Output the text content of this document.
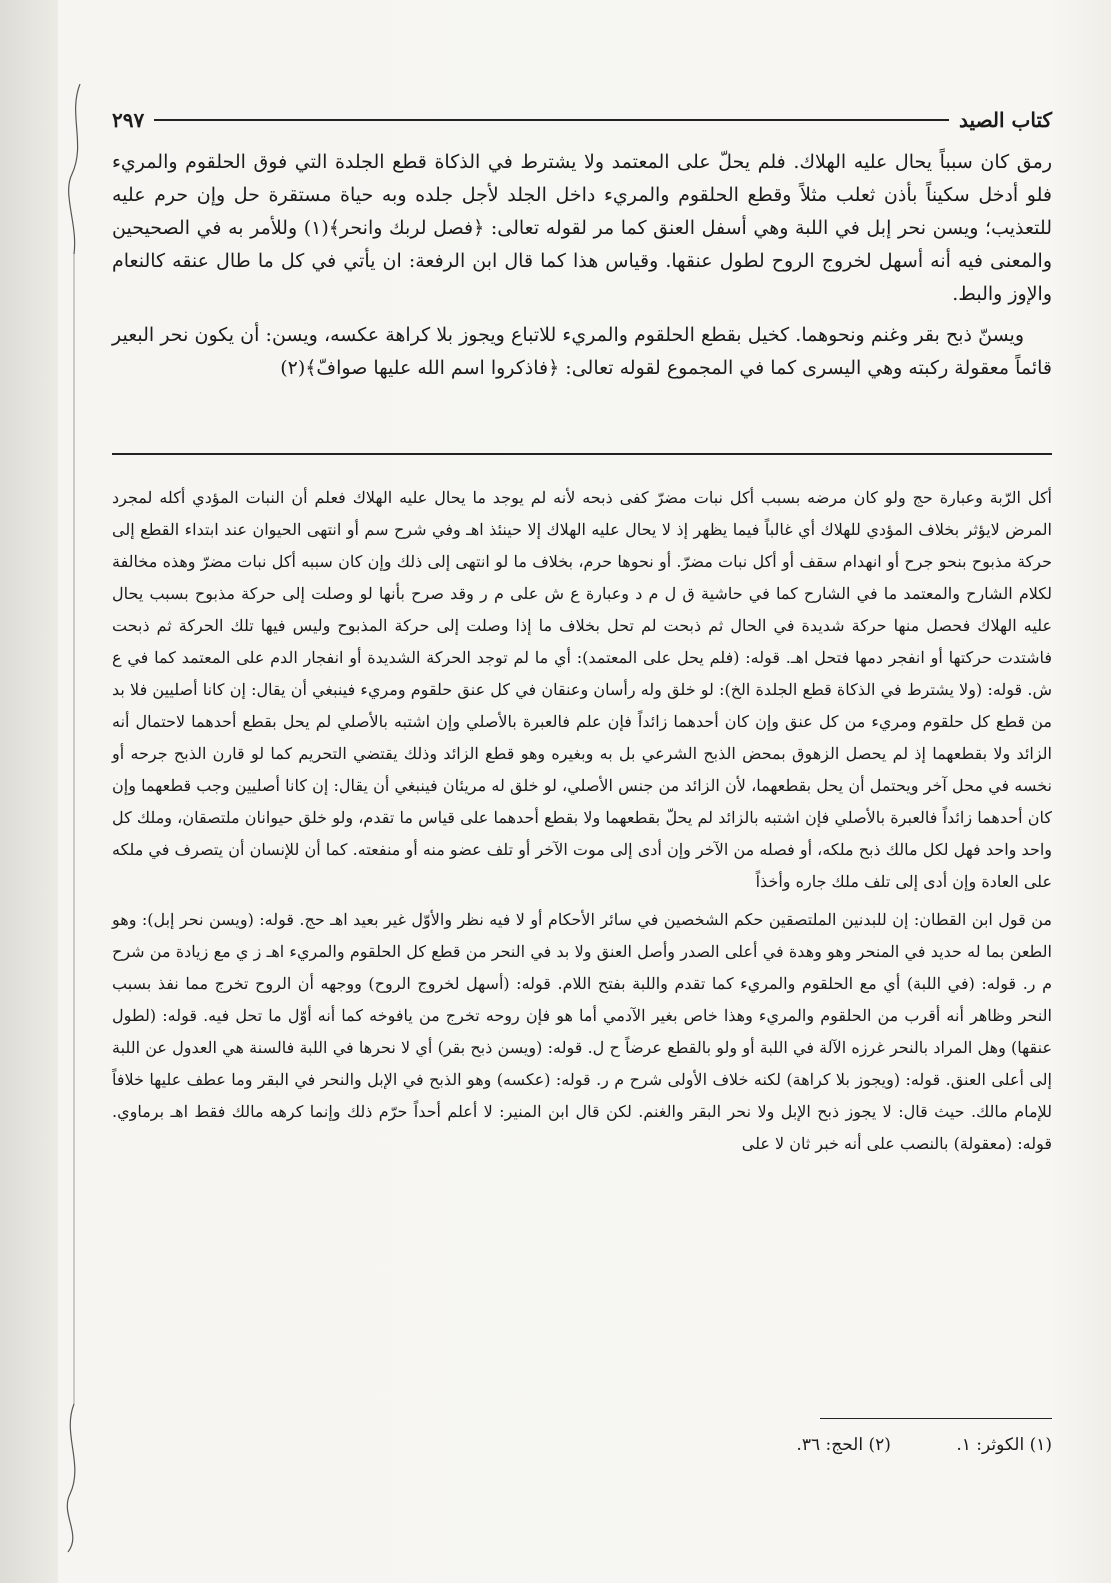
كتاب الصيد
٢٩٧

رمق كان سبباً يحال عليه الهلاك. فلم يحلّ على المعتمد ولا يشترط في الذكاة قطع الجلدة التي فوق الحلقوم والمريء فلو أدخل سكيناً بأذن ثعلب مثلاً وقطع الحلقوم والمريء داخل الجلد لأجل جلده وبه حياة مستقرة حل وإن حرم عليه للتعذيب؛ ويسن نحر إبل في اللبة وهي أسفل العنق كما مر لقوله تعالى: ﴿فصل لربك وانحر﴾(١) وللأمر به في الصحيحين والمعنى فيه أنه أسهل لخروج الروح لطول عنقها. وقياس هذا كما قال ابن الرفعة: ان يأتي في كل ما طال عنقه كالنعام والإوز والبط.

ويسنّ ذبح بقر وغنم ونحوهما. كخيل بقطع الحلقوم والمريء للاتباع ويجوز بلا كراهة عكسه، ويسن: أن يكون نحر البعير قائماً معقولة ركبته وهي اليسرى كما في المجموع لقوله تعالى: ﴿فاذكروا اسم الله عليها صوافّ﴾(٢)

أكل الرّبة وعبارة حج ولو كان مرضه بسبب أكل نبات مضرّ كفى ذبحه لأنه لم يوجد ما يحال عليه الهلاك فعلم أن النبات المؤدي أكله لمجرد المرض لايؤثر بخلاف المؤدي للهلاك أي غالباً فيما يظهر إذ لا يحال عليه الهلاك إلا حينئذ اهـ وفي شرح سم أو انتهى الحيوان عند ابتداء القطع إلى حركة مذبوح بنحو جرح أو انهدام سقف أو أكل نبات مضرّ. أو نحوها حرم، بخلاف ما لو انتهى إلى ذلك وإن كان سببه أكل نبات مضرّ وهذه مخالفة لكلام الشارح والمعتمد ما في الشارح كما في حاشية ق ل م د وعبارة ع ش على م ر وقد صرح بأنها لو وصلت إلى حركة مذبوح بسبب يحال عليه الهلاك فحصل منها حركة شديدة في الحال ثم ذبحت لم تحل بخلاف ما إذا وصلت إلى حركة المذبوح وليس فيها تلك الحركة ثم ذبحت فاشتدت حركتها أو انفجر دمها فتحل اهـ. قوله: (فلم يحل على المعتمد): أي ما لم توجد الحركة الشديدة أو انفجار الدم على المعتمد كما في ع ش. قوله: (ولا يشترط في الذكاة قطع الجلدة الخ): لو خلق وله رأسان وعنقان في كل عنق حلقوم ومريء فينبغي أن يقال: إن كانا أصليين فلا بد من قطع كل حلقوم ومريء من كل عنق وإن كان أحدهما زائداً فإن علم فالعبرة بالأصلي وإن اشتبه بالأصلي لم يحل بقطع أحدهما لاحتمال أنه الزائد ولا بقطعهما إذ لم يحصل الزهوق بمحض الذبح الشرعي بل به وبغيره وهو قطع الزائد وذلك يقتضي التحريم كما لو قارن الذبح جرحه أو نخسه في محل آخر ويحتمل أن يحل بقطعهما، لأن الزائد من جنس الأصلي، لو خلق له مريئان فينبغي أن يقال: إن كانا أصليين وجب قطعهما وإن كان أحدهما زائداً فالعبرة بالأصلي فإن اشتبه بالزائد لم يحلّ بقطعهما ولا بقطع أحدهما على قياس ما تقدم، ولو خلق حيوانان ملتصقان، وملك كل واحد واحد فهل لكل مالك ذبح ملكه، أو فصله من الآخر وإن أدى إلى موت الآخر أو تلف عضو منه أو منفعته. كما أن للإنسان أن يتصرف في ملكه على العادة وإن أدى إلى تلف ملك جاره وأخذاً

من قول ابن القطان: إن للبدنين الملتصقين حكم الشخصين في سائر الأحكام أو لا فيه نظر والأوّل غير بعيد اهـ حج. قوله: (ويسن نحر إبل): وهو الطعن بما له حديد في المنحر وهو وهدة في أعلى الصدر وأصل العنق ولا بد في النحر من قطع كل الحلقوم والمريء اهـ ز ي مع زيادة من شرح م ر. قوله: (في اللبة) أي مع الحلقوم والمريء كما تقدم واللبة بفتح اللام. قوله: (أسهل لخروج الروح) ووجهه أن الروح تخرج مما نفذ بسبب النحر وظاهر أنه أقرب من الحلقوم والمريء وهذا خاص بغير الآدمي أما هو فإن روحه تخرج من يافوخه كما أنه أوّل ما تحل فيه. قوله: (لطول عنقها) وهل المراد بالنحر غرزه الآلة في اللبة أو ولو بالقطع عرضاً ح ل. قوله: (ويسن ذبح بقر) أي لا نحرها في اللبة فالسنة هي العدول عن اللبة إلى أعلى العنق. قوله: (ويجوز بلا كراهة) لكنه خلاف الأولى شرح م ر. قوله: (عكسه) وهو الذبح في الإبل والنحر في البقر وما عطف عليها خلافاً للإمام مالك. حيث قال: لا يجوز ذبح الإبل ولا نحر البقر والغنم. لكن قال ابن المنير: لا أعلم أحداً حرّم ذلك وإنما كرهه مالك فقط اهـ برماوي. قوله: (معقولة) بالنصب على أنه خبر ثان لا على

(١) الكوثر: ١. (٢) الحج: ٣٦.
